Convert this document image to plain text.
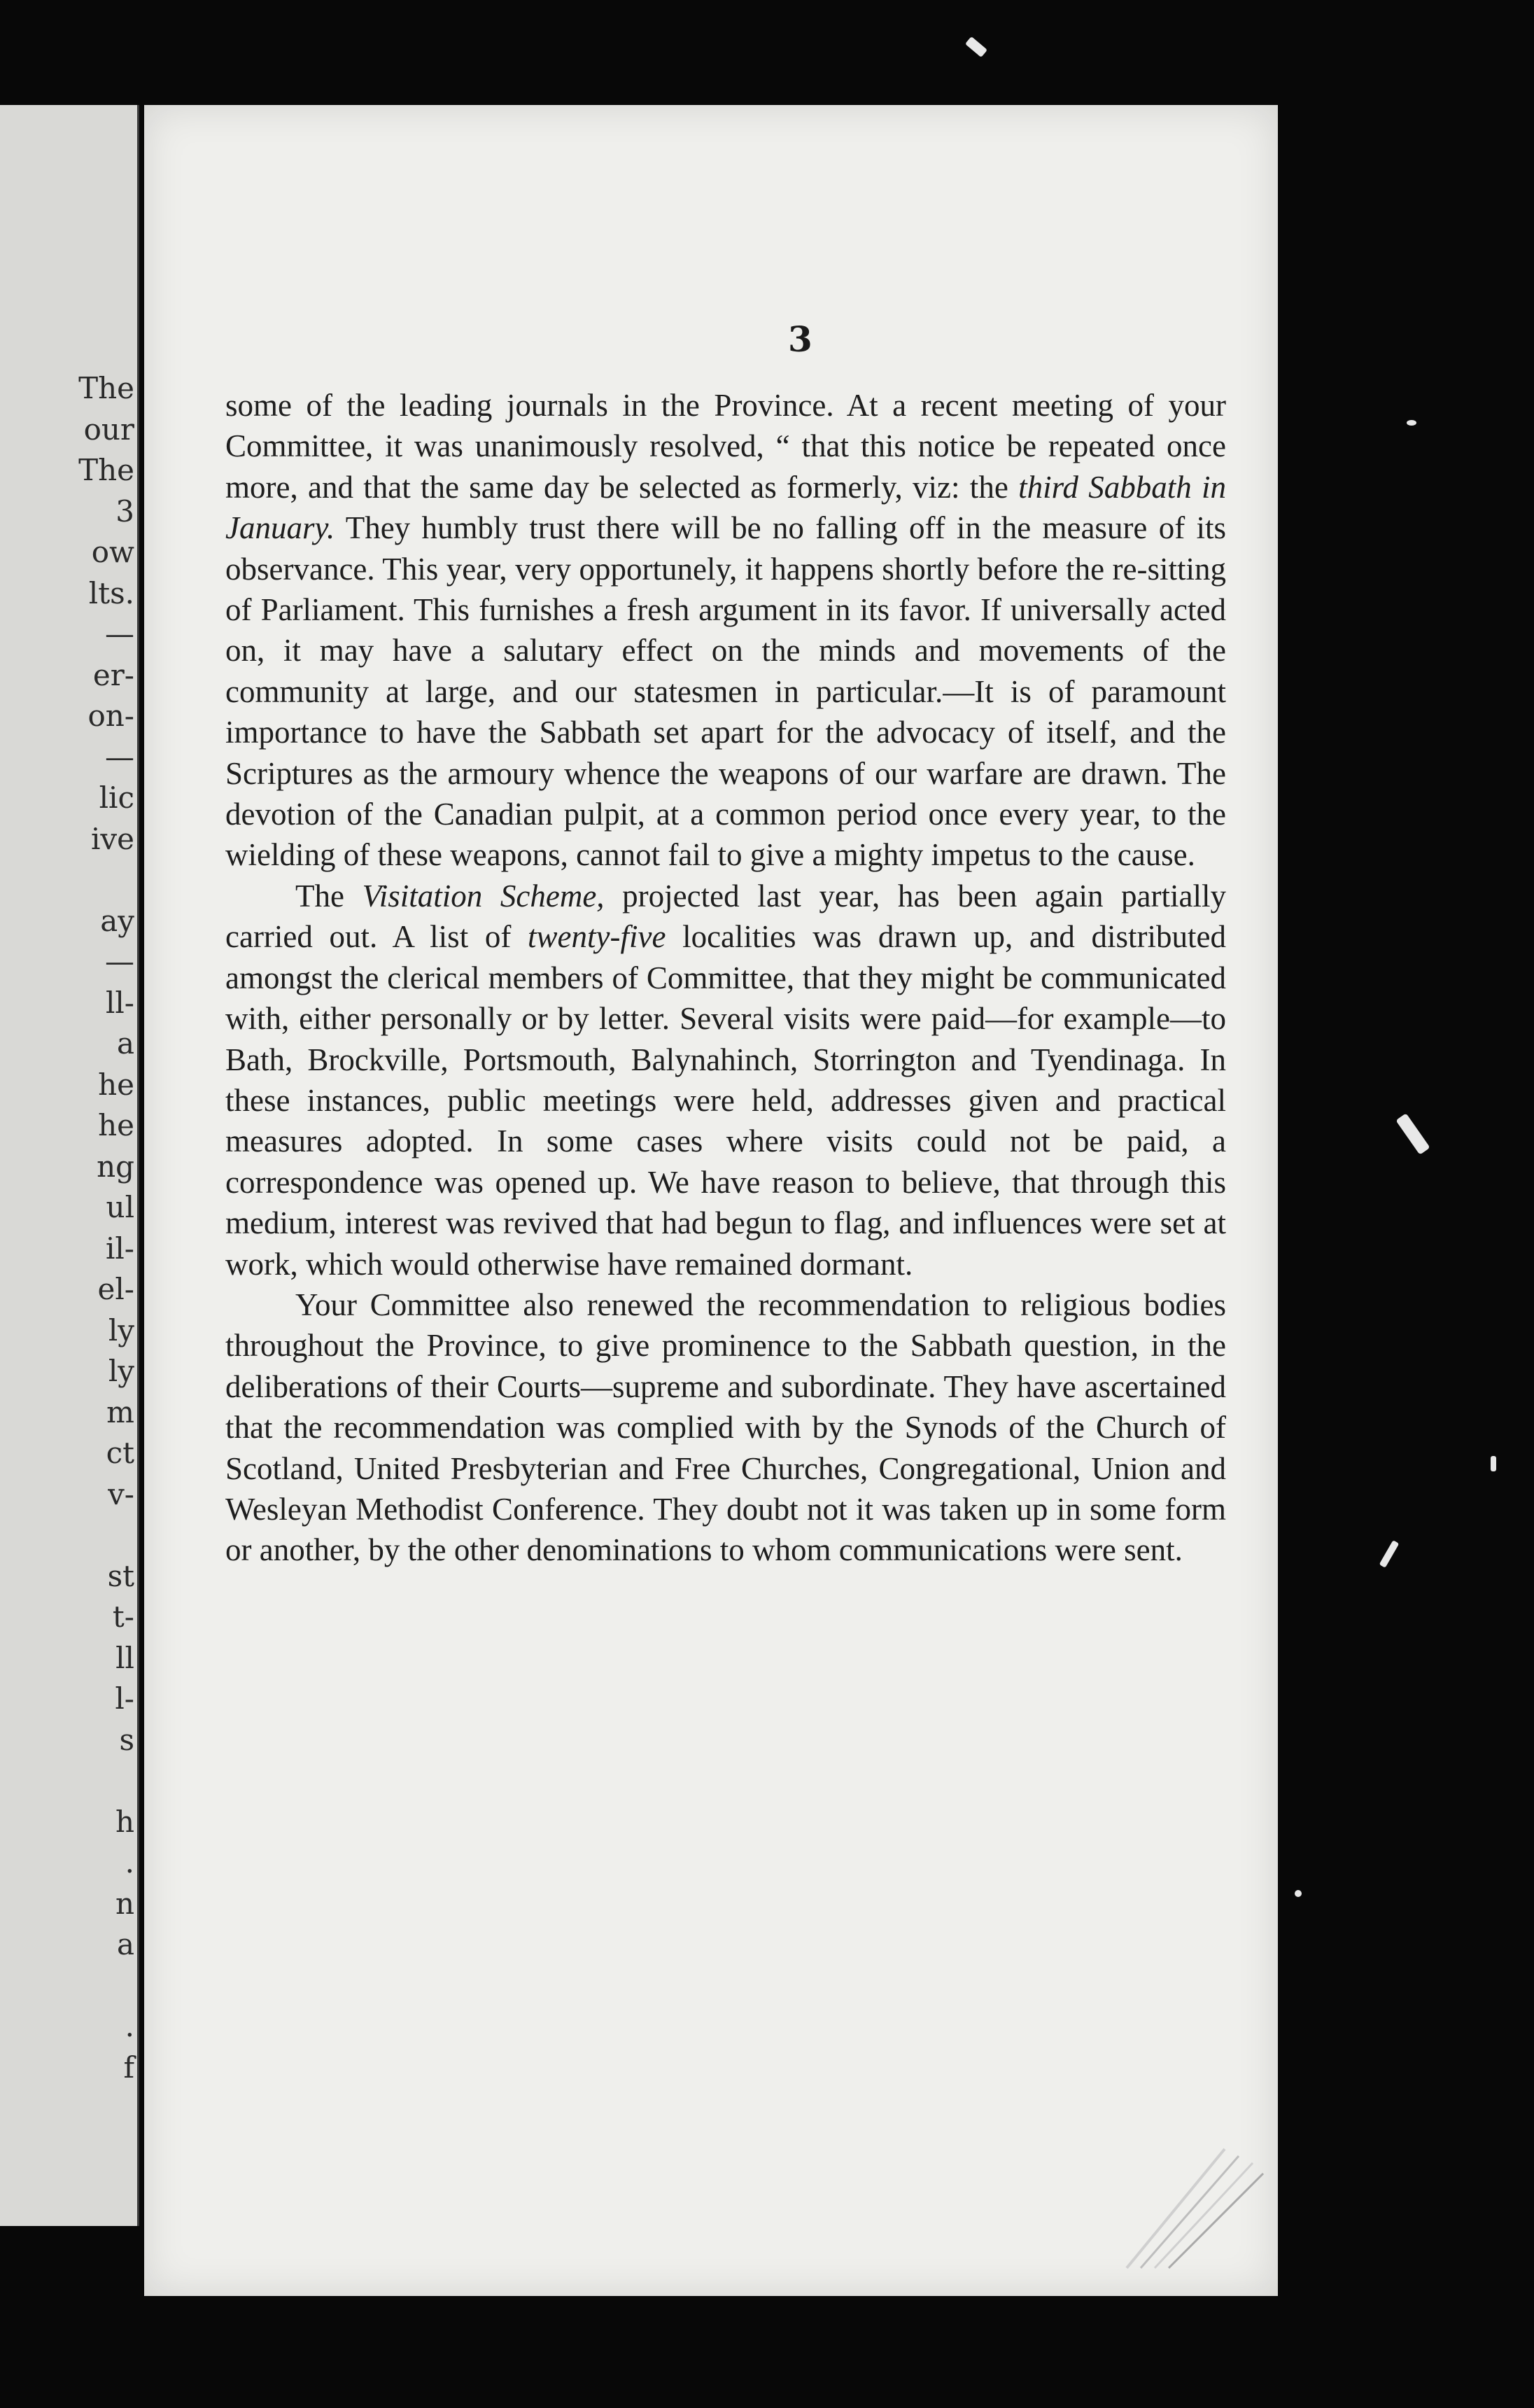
The
our
The
3
ow
lts.
—
er-
on-
—
lic
ive
ay
—
ll-
a
he
he
ng
ul
il-
el-
ly
ly
m
ct
v-
st
t-
ll
l-
s
h
.
n
a
.
f
3

some of the leading journals in the Province. At a recent meeting of your Committee, it was unanimously resolved, “ that this notice be repeated once more, and that the same day be selected as formerly, viz: the third Sabbath in January. They humbly trust there will be no falling off in the measure of its observance. This year, very opportunely, it happens shortly before the re-sitting of Parliament. This furnishes a fresh argument in its favor. If universally acted on, it may have a salutary effect on the minds and movements of the community at large, and our statesmen in particular.—It is of paramount importance to have the Sabbath set apart for the advocacy of itself, and the Scriptures as the armoury whence the weapons of our warfare are drawn. The devotion of the Canadian pulpit, at a common period once every year, to the wielding of these weapons, cannot fail to give a mighty impetus to the cause.

The Visitation Scheme, projected last year, has been again partially carried out. A list of twenty-five localities was drawn up, and distributed amongst the clerical members of Committee, that they might be communicated with, either personally or by letter. Several visits were paid—for example—to Bath, Brockville, Portsmouth, Balynahinch, Storrington and Tyendinaga. In these instances, public meetings were held, addresses given and practical measures adopted. In some cases where visits could not be paid, a correspondence was opened up. We have reason to believe, that through this medium, interest was revived that had begun to flag, and influences were set at work, which would otherwise have remained dormant.

Your Committee also renewed the recommendation to religious bodies throughout the Province, to give prominence to the Sabbath question, in the deliberations of their Courts—supreme and subordinate. They have ascertained that the recommendation was complied with by the Synods of the Church of Scotland, United Presbyterian and Free Churches, Congregational, Union and Wesleyan Methodist Conference. They doubt not it was taken up in some form or another, by the other denominations to whom communications were sent.
